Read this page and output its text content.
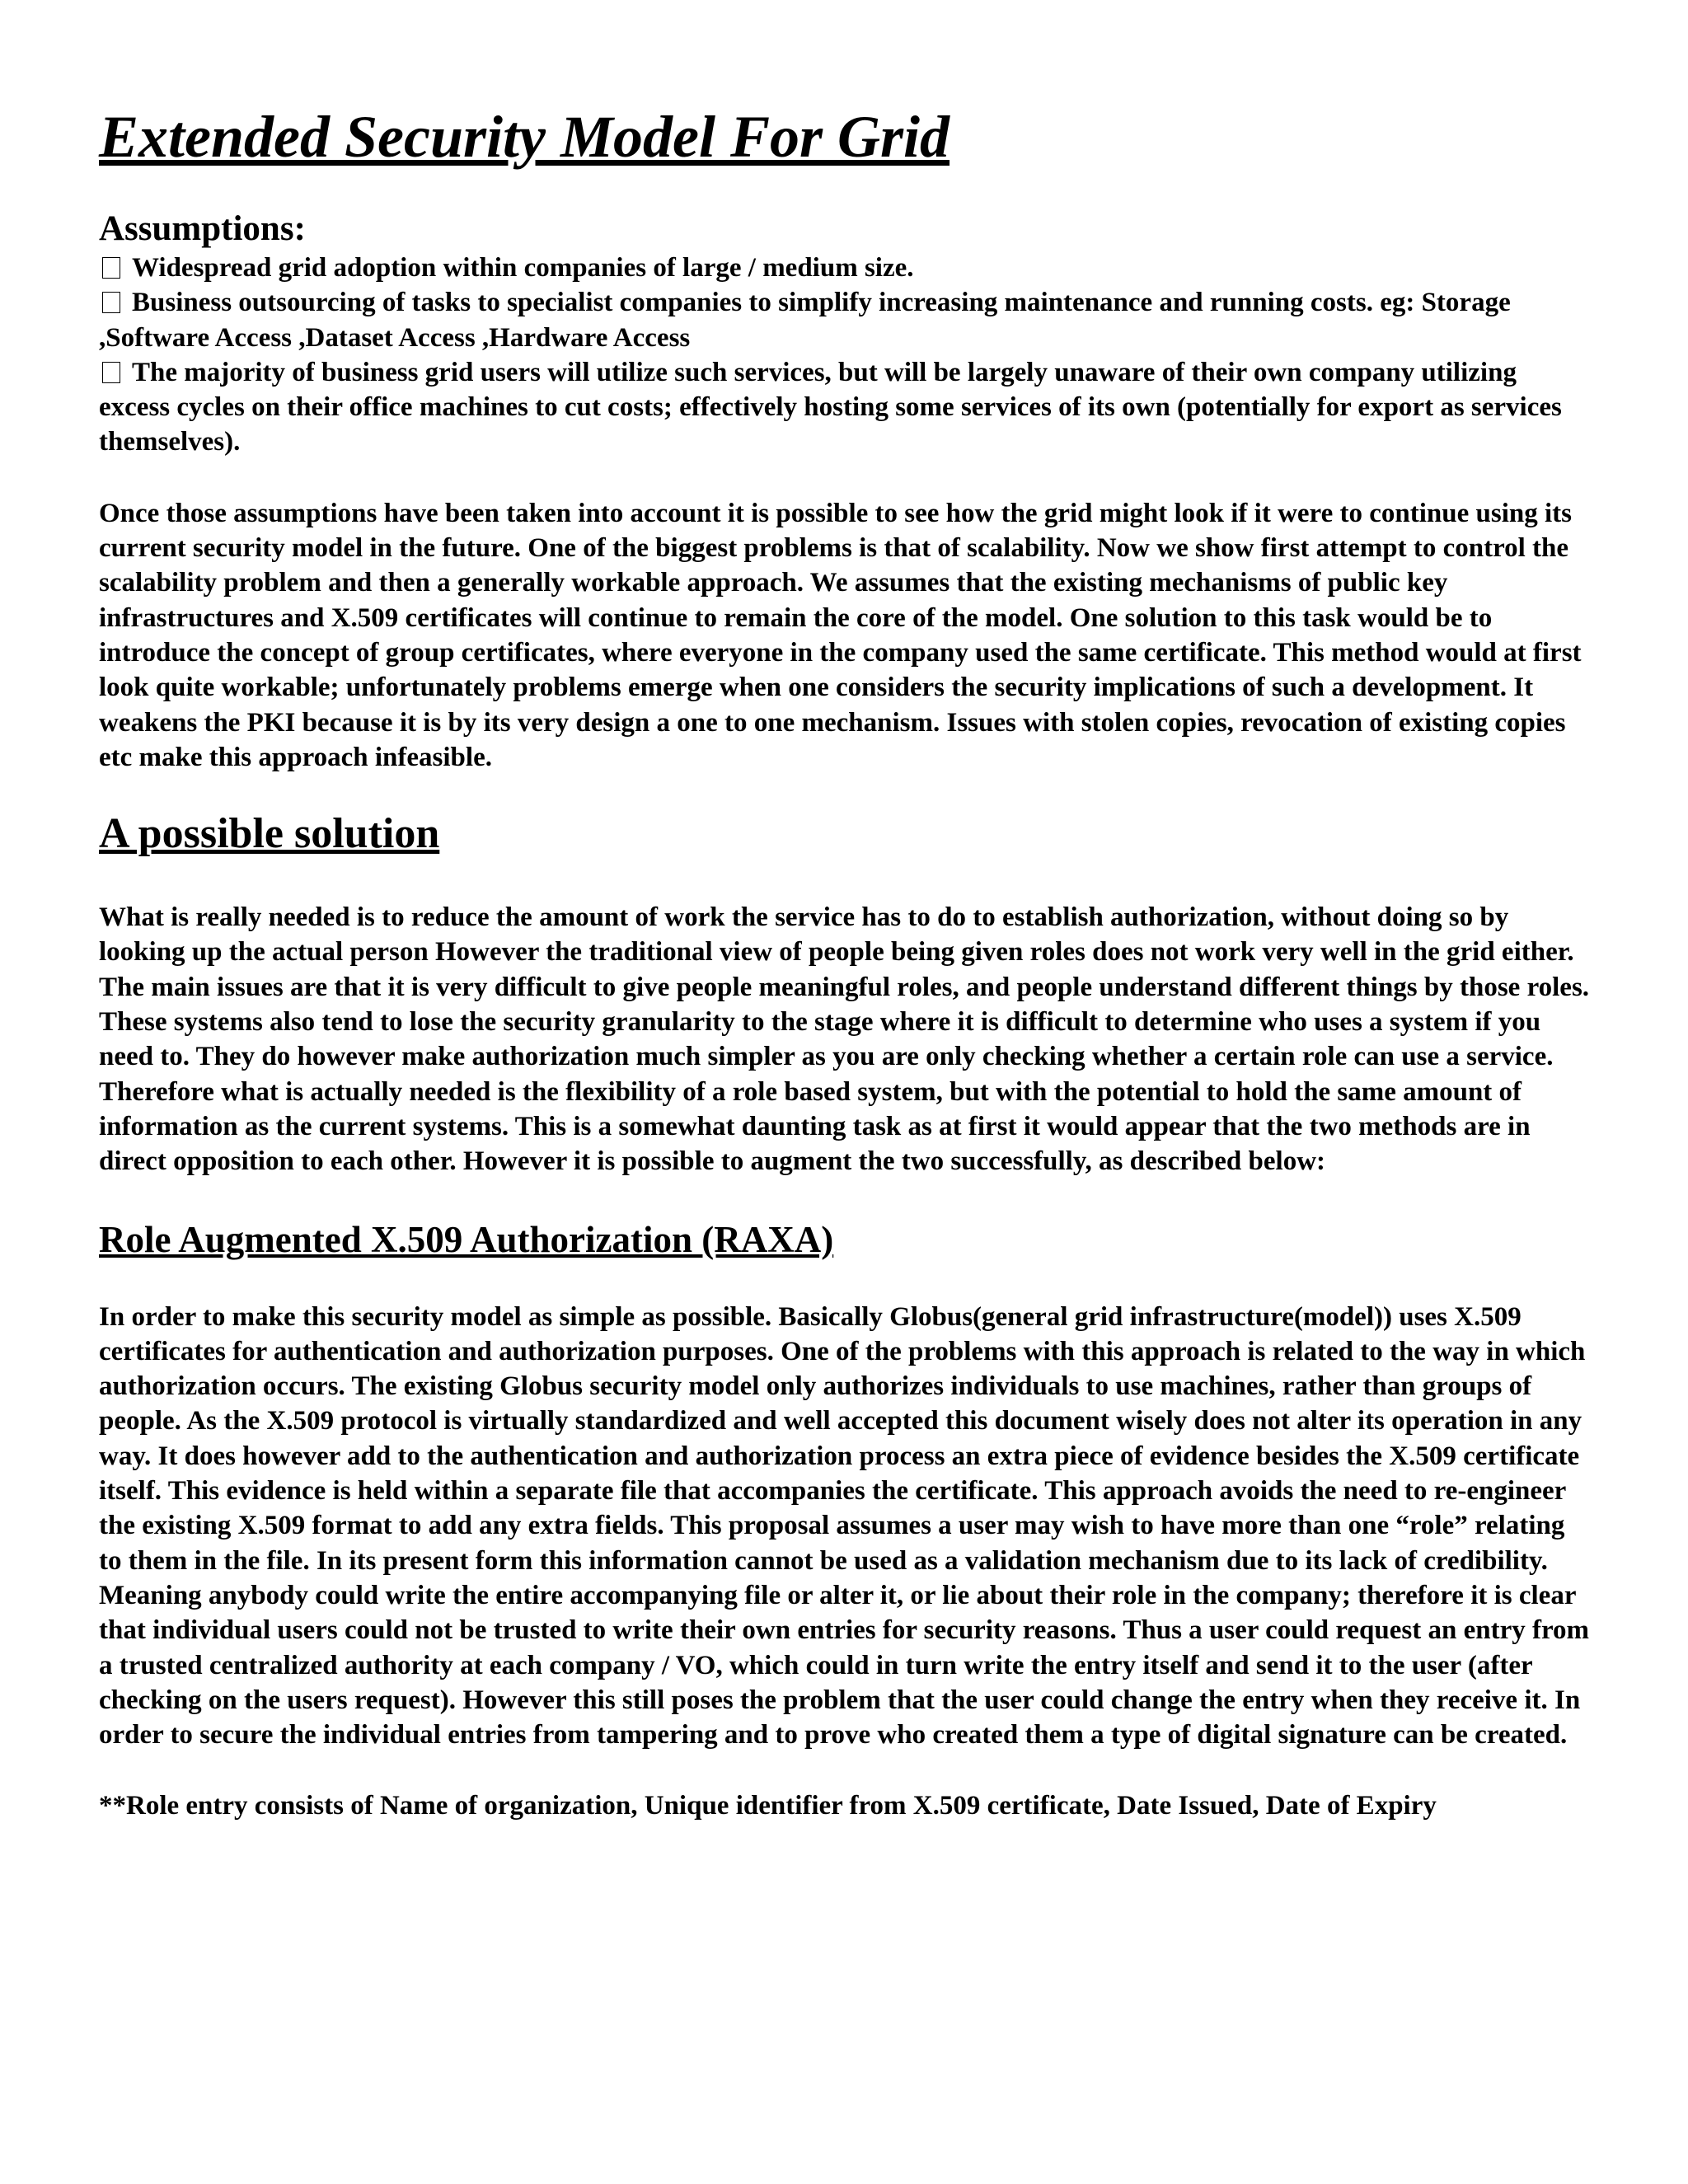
Extended Security Model For Grid
Assumptions:

Widespread grid adoption within companies of large / medium size.

Business outsourcing of tasks to specialist companies to simplify increasing maintenance and running costs. eg: Storage ,Software Access ,Dataset Access ,Hardware Access

The majority of business grid users will utilize such services, but will be largely unaware of their own company utilizing excess cycles on their office machines to cut costs; effectively hosting some services of its own (potentially for export as services themselves).

Once those assumptions have been taken into account it is possible to see how the grid might look if it were to continue using its current security model in the future. One of the biggest problems is that of scalability. Now we show first attempt to control the scalability problem and then a generally workable approach. We assumes that the existing mechanisms of public key infrastructures and X.509 certificates will continue to remain the core of the model. One solution to this task would be to introduce the concept of group certificates, where everyone in the company used the same certificate. This method would at first look quite workable; unfortunately problems emerge when one considers the security implications of such a development. It weakens the PKI because it is by its very design a one to one mechanism. Issues with stolen copies, revocation of existing copies etc make this approach infeasible.

A possible solution

What is really needed is to reduce the amount of work the service has to do to establish authorization, without doing so by looking up the actual person However the traditional view of people being given roles does not work very well in the grid either. The main issues are that it is very difficult to give people meaningful roles, and people understand different things by those roles. These systems also tend to lose the security granularity to the stage where it is difficult to determine who uses a system if you need to. They do however make authorization much simpler as you are only checking whether a certain role can use a service. Therefore what is actually needed is the flexibility of a role based system, but with the potential to hold the same amount of information as the current systems. This is a somewhat daunting task as at first it would appear that the two methods are in direct opposition to each other. However it is possible to augment the two successfully, as described below:

Role Augmented X.509 Authorization (RAXA)

In order to make this security model as simple as possible. Basically Globus(general grid infrastructure(model)) uses X.509 certificates for authentication and authorization purposes. One of the problems with this approach is related to the way in which authorization occurs. The existing Globus security model only authorizes individuals to use machines, rather than groups of people. As the X.509 protocol is virtually standardized and well accepted this document wisely does not alter its operation in any way. It does however add to the authentication and authorization process an extra piece of evidence besides the X.509 certificate itself. This evidence is held within a separate file that accompanies the certificate. This approach avoids the need to re-engineer the existing X.509 format to add any extra fields. This proposal assumes a user may wish to have more than one “role” relating to them in the file. In its present form this information cannot be used as a validation mechanism due to its lack of credibility. Meaning anybody could write the entire accompanying file or alter it, or lie about their role in the company; therefore it is clear that individual users could not be trusted to write their own entries for security reasons. Thus a user could request an entry from a trusted centralized authority at each company / VO, which could in turn write the entry itself and send it to the user (after checking on the users request). However this still poses the problem that the user could change the entry when they receive it. In order to secure the individual entries from tampering and to prove who created them a type of digital signature can be created.

**Role entry consists of Name of organization, Unique identifier from X.509 certificate, Date Issued, Date of Expiry
